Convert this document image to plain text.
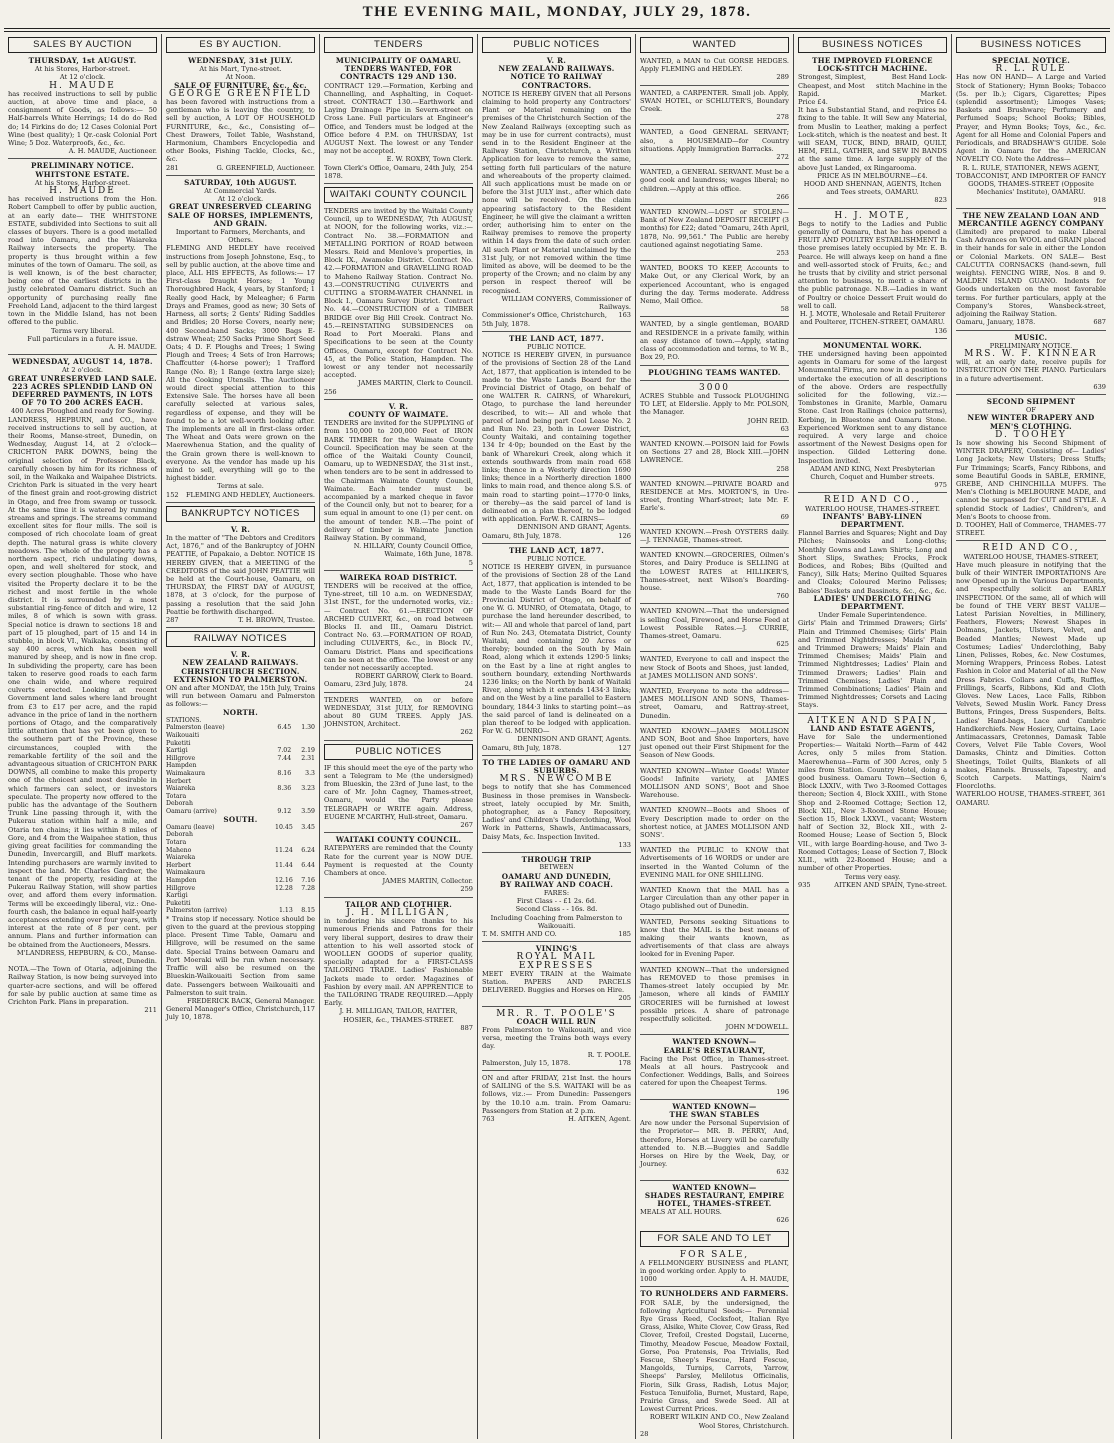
THE EVENING MAIL, MONDAY, JULY 29, 1878.
SALES BY AUCTION
THURSDAY, 1st AUGUST.

At his Stores, Harbor-street.

At 12 o'clock.

H. MAUDE

has received instructions to sell by public auction, at above time and place, a consignment of Goods, as follows:— 50 Half-barrels White Herrings; 14 do do Red do; 14 Firkins do do; 12 Cases Colonial Port Wine (best quality); 1 Qr.-cask Colonial Port Wine; 5 Doz. Waterproofs, &c., &c.

A. H. MAUDE, Auctioneer.

PRELIMINARY NOTICE.
WHITSTONE ESTATE.

At his Stores, Harbor-street.

H. MAUDE

has received instructions from the Hon. Robert Campbell to offer by public auction, at an early date— THE WHITSTONE ESTATE, subdivided into Sections to suit all classes of buyers. There is a good metalled road into Oamaru, and the Waiareka Railway intersects the property. The property is thus brought within a few minutes of the town of Oamaru. The soil, as is well known, is of the best character, being one of the earliest districts in the justly celebrated Oamaru district. Such an opportunity of purchasing really fine Freehold Land, adjacent to the third largest town in the Middle Island, has not been offered to the public.

Terms very liberal.

Full particulars in a future issue.

A. H. MAUDE.

WEDNESDAY, AUGUST 14, 1878.

At 2 o'clock.

GREAT UNRESERVED LAND SALE.
223 ACRES SPLENDID LAND ON DEFERRED PAYMENTS, IN LOTS OF 70 TO 200 ACRES EACH.

400 Acres Ploughed and ready for Sowing.

LANDRESS, HEPBURN, and CO., have received instructions to sell by auction, at their Rooms, Manse-street, Dunedin, on Wednesday, August 14, at 2 o'clock— CRICHTON PARK DOWNS, being the original selection of Professor Black, carefully chosen by him for its richness of soil, in the Waikaka and Waipahee Districts. Crichton Park is situated in the very heart of the finest grain and root-growing district in Otago, and free from swamp or tussock. At the same time it is watered by running streams and springs. The streams command excellent sites for flour mills. The soil is composed of rich chocolate loam of great depth. The natural grass is white clovery meadows. The whole of the property has a northern aspect, rich undulating downs, open, and well sheltered for stock, and every section ploughable. Those who have visited the Property declare it to be the richest and most fertile in the whole district. It is surrounded by a most substantial ring-fence of ditch and wire, 12 miles, 8 of which is sown with grass. Special notice is drawn to sections 18 and part of 15 ploughed, part of 15 and 14 in stubble, in block VI., Waikaka, consisting of say 400 acres, which has been well manured by sheep, and is now in fine crop. In subdividing the property, care has been taken to reserve good roads to each farm one chain wide, and where required culverts erected. Looking at recent Government land sales where land brought from £3 to £17 per acre, and the rapid advance in the price of land in the northern portions of Otago, and the comparatively little attention that has yet been given to the southern part of the Province, these circumstances, coupled with the remarkable fertility of the soil and the advantageous situation of CRICHTON PARK DOWNS, all combine to make this property one of the choicest and most desirable in which farmers can select, or investors speculate. The property now offered to the public has the advantage of the Southern Trunk Line passing through it, with the Pukerau station within half a mile, and Otaria ten chains; it lies within 8 miles of Gore, and 4 from the Waipahee station, thus giving great facilities for commanding the Dunedin, Invercargill, and Bluff markets. Intending purchasers are warmly invited to inspect the land. Mr. Charles Gardner, the tenant of the property, residing at the Pukerau Railway Station, will show parties over, and afford them every information. Terms will be exceedingly liberal, viz.: One-fourth cash, the balance in equal half-yearly acceptances extending over four years, with interest at the rate of 8 per cent. per annum. Plans and further information can be obtained from the Auctioneers, Messrs.

M'LANDRESS, HEPBURN, & CO., Manse-street, Dunedin.

NOTA.—The Town of Otaria, adjoining the Railway Station, is now being surveyed into quarter-acre sections, and will be offered for sale by public auction at same time as Crichton Park. Plans in preparation.

211

ES BY AUCTION.
WEDNESDAY, 31st JULY.

At his Mart, Tyne-street.

At Noon.

SALE OF FURNITURE, &c., &c.
GEORGE GREENFIELD

has been favored with instructions from a gentleman who is leaving the country, to sell by auction, A LOT OF HOUSEHOLD FURNITURE, &c., &c., Consisting of— Chest Drawers, Toilet Table, Washstand, Harmonium, Chambers Encyclopedia and other Books, Fishing Tackle, Clocks, &c., &c.

281	G. GREENFIELD, Auctioneer.
SATURDAY, 10th AUGUST.

At Commercial Yards.

At 12 o'clock.

GREAT UNRESERVED CLEARING SALE OF HORSES, IMPLEMENTS, AND GRAIN.

Important to Farmers, Merchants, and Others.

FLEMING AND HEDLEY have received instructions from Joseph Johnstone, Esq., to sell by public auction, at the above time and place, ALL HIS EFFECTS, As follows:— 17 First-class Draught Horses; 1 Young Thoroughbred Hack, 4 years, by Stanford; 1 Really good Hack, by Meleagher; 6 Farm Drays and Frames, good as new; 30 Sets of Harness, all sorts; 2 Gents' Riding Saddles and Bridles; 20 Horse Covers, nearly new; 400 Second-hand Sacks; 3000 Bags E-dstraw Wheat; 250 Sacks Prime Short Seed Oats; 4 D. F. Ploughs and Trees; 1 Swing Plough and Trees; 4 Sets of Iron Harrows; Chaffcutter (4-horse power); 1 Trafford Range (No. 8); 1 Range (extra large size); All the Cooking Utensils. The Auctioneer would direct special attention to this Extensive Sale. The horses have all been carefully selected at various sales, regardless of expense, and they will be found to be a lot well-worth looking after. The implements are all in first-class order. The Wheat and Oats were grown on the Maerewhenua Station, and the quality of the Grain grown there is well-known to everyone. As the vendor has made up his mind to sell, everything will go to the highest bidder.

Terms at sale.

152 FLEMING AND HEDLEY, Auctioneers.
BANKRUPTCY NOTICES
V. R.

In the matter of "The Debtors and Creditors Act, 1876," and of the Bankruptcy of JOHN PEATTIE, of Papakaio, a Debtor. NOTICE IS HEREBY GIVEN, that a MEETING of the CREDITORS of the said JOHN PEATTIE will be held at the Court-house, Oamaru, on THURSDAY, the FIRST DAY of AUGUST, 1878, at 3 o'clock, for the purpose of passing a resolution that the said John Peattie be forthwith discharged.

287	T. H. BROWN, Trustee.
RAILWAY NOTICES
V. R.
NEW ZEALAND RAILWAYS.
CHRISTCHURCH SECTION.
EXTENSION TO PALMERSTON.

ON and after MONDAY, the 15th July, Trains will run between Oamaru and Palmerston as follows:—

NORTH.
STATIONS.		
Palmerston (leave)	6.45	1.30
Waikouaiti		
Puketiti		
Kartigi	7.02	2.19
Hillgrove	7.44	2.31
Hampden		
Waimakaura	8.16	3.3
Herbert		
Waiareka	8.36	3.23
Totara		
Deborah		
Oamaru (arrive)	9.12	3.59
SOUTH.
Oamaru (leave)	10.45	3.45
Deborah		
Totara		
Maheno	11.24	6.24
Waiareka		
Herbert	11.44	6.44
Waimakaura		
Hampden	12.16	7.16
Hillgrove	12.28	7.28
Kartigi		
Puketiti		
Palmerston (arrive)	1.13	8.15

* Trains stop if necessary. Notice should be given to the guard at the previous stopping place. Present Time Table, Oamaru and Hillgrove, will be resumed on the same date. Special Trains between Oamaru and Port Moeraki will be run when necessary. Traffic will also be resumed on the Blueskin-Waikouaiti Section from same date. Passengers between Waikouaiti and Palmerston to suit train.

FREDERICK BACK, General Manager.

General Manager's Office, Christchurch, July 10, 1878.
117
TENDERS
MUNICIPALITY OF OAMARU.
TENDERS WANTED, FOR CONTRACTS 129 AND 130.

CONTRACT 129.—Formation, Kerbing and Channelling, and Asphalting, in Coquet-street. CONTRACT 130.—Earthwork and Laying Drainage Pipe in Severn-street on Cross Lane. Full particulars at Engineer's Office, and Tenders must be lodged at the Office before 4 P.M. on THURSDAY, 1st AUGUST Next. The lowest or any Tender may not be accepted.

E. W. ROXBY, Town Clerk.

Town Clerk's Office, Oamaru, 24th July, 1878.
254
WAITAKI COUNTY COUNCIL

TENDERS are invited by the Waitaki County Council, up to WEDNESDAY, 7th AUGUST, at NOON, for the following works, viz.:— Contract No. 38.—FORMATION and METALLING PORTION of ROAD between Messrs. Reid and Menlove's properties, in Block IX., Awamoko District. Contract No. 42.—FORMATION and GRAVELLING ROAD to Maheno Railway Station. Contract No. 43.—CONSTRUCTING CULVERTS and CUTTING a STORM-WATER CHANNEL in Block I., Oamaru Survey District. Contract No. 44.—CONSTRUCTION of a TIMBER BRIDGE over Big Hill Creek. Contract No. 45.—REINSTATING SUBSIDENCES on Road to Port Moeraki. Plans and Specifications to be seen at the County Offices, Oamaru, except for Contract No. 45, at the Police Station, Hampden. The lowest or any tender not necessarily accepted.

JAMES MARTIN, Clerk to Council.

256

V. R.
COUNTY OF WAIMATE.

TENDERS are invited for the SUPPLYING of from 150,000 to 200,000 Feet of IRON BARK TIMBER for the Waimate County Council. Specification may be seen at the office of the Waitaki County Council, Oamaru, up to WEDNESDAY, the 31st inst., when tenders are to be sent in addressed to the Chairman Waimate County Council, Waimate. Each tender must be accompanied by a marked cheque in favor of the Council only, but not to bearer, for a sum equal in amount to one (1) per cent. on the amount of tender. N.B.—The point of delivery of timber is Waimate Junction Railway Station. By command,

N. HILLARY, County Council Office, Waimate, 16th June, 1878.

5

WAIREKA ROAD DISTRICT.

TENDERS will be received at the office, Tyne-street, till 10 a.m. on WEDNESDAY, 31st INST., for the undernoted works, viz.:— Contract No. 61.—ERECTION OF ARCHED CULVERT, &c., on road between Blocks II. and III., Oamaru District. Contract No. 63.—FORMATION OF ROAD, including CULVERTS, &c., in Block IV., Oamaru District. Plans and specifications can be seen at the office. The lowest or any tender not necessarily accepted.

ROBERT GARROW, Clerk to Board.

Oamaru, 23rd July, 1878.	24

TENDERS WANTED, on or before WEDNESDAY, 31st JULY, for REMOVING about 80 GUM TREES. Apply JAS. JOHNSTON, Architect.

262

PUBLIC NOTICES

IF this should meet the eye of the party who sent a Telegram to Me (the undersigned) from Blueskin, the 23rd of June last, to the care of Mr. John Cagney, Thames-street, Oamaru, would the Party please TELEGRAPH or WRITE again. Address, EUGENE M'CARTHY, Hull-street, Oamaru.

267

WAITAKI COUNTY COUNCIL.

RATEPAYERS are reminded that the County Rate for the current year is NOW DUE. Payment is requested at the County Chambers at once.

JAMES MARTIN, Collector.

259

TAILOR AND CLOTHIER.
J. H. MILLIGAN,

in tendering his sincere thanks to his numerous Friends and Patrons for their very liberal support, desires to draw their attention to his well assorted stock of WOOLLEN GOODS of superior quality, specially adapted for a FIRST-CLASS TAILORING TRADE. Ladies' Fashionable Jackets made to order. Magazines of Fashion by every mail. AN APPRENTICE to the TAILORING TRADE REQUIRED.—Apply Early.

J. H. MILLIGAN, TAILOR, HATTER, HOSIER, &c., THAMES-STREET.

887

PUBLIC NOTICES
V. R.
NEW ZEALAND RAILWAYS.
NOTICE TO RAILWAY CONTRACTORS.

NOTICE IS HEREBY GIVEN that all Persons claiming to hold property any Contractors' Plant or Material remaining on the premises of the Christchurch Section of the New Zealand Railways (excepting such as may be in use for current contracts), must send in to the Resident Engineer at the Railway Station, Christchurch, a Written Application for leave to remove the same, setting forth full particulars of the nature and whereabouts of the property claimed. All such applications must be made on or before the 31st JULY inst., after which date none will be received. On the claim appearing satisfactory to the Resident Engineer, he will give the claimant a written order, authorising him to enter on the Railway premises to remove the property within 14 days from the date of such order. All such Plant or Material unclaimed by the 31st July, or not removed within the time limited as above, will be deemed to be the property of the Crown; and no claim by any person in respect thereof will be recognised.

WILLIAM CONYERS, Commissioner of Railways.

Commissioner's Office, Christchurch, 5th July, 1878.
163
THE LAND ACT, 1877.

PUBLIC NOTICE.

NOTICE IS HEREBY GIVEN, in pursuance of the provisions of Section 28 of the Land Act, 1877, that application is intended to be made to the Waste Lands Board for the Provincial District of Otago, on behalf of one WALTER R. CAIRNS, of Wharekuri, Otago, to purchase the land hereunder described, to wit:— All and whole that parcel of land being part Cool Lease No. 2 and Run No. 23, both in Lower District, County Waitaki, and containing together 134 Ir 4·0p; bounded on the East by the bank of Wharekuri Creek, along which it extends southwards from main road 658 links; thence in a Westerly direction 1690 links; thence in a Northerly direction 1800 links to main road, and thence along S.S. of main road to starting point—1770·0 links, or thereby—as the said parcel of land is delineated on a plan thereof, to be lodged with application. ForW. R. CAIRNS—

DENNISON AND GRANT, Agents.

Oamaru, 8th July, 1878.	126
THE LAND ACT, 1877.

PUBLIC NOTICE.

NOTICE IS HEREBY GIVEN, in pursuance of the provisions of Section 28 of the Land Act, 1877, that application is intended to be made to the Waste Lands Board for the Provincial District of Otago, on behalf of one W. G. MUNRO, of Otematata, Otago, to purchase the land hereunder described, to wit:— All and whole that parcel of land, part of Run No. 243, Otematata District, County Waitaki, and containing 20 Acres or thereby; bounded on the South by Main Road, along which it extends 1290·5 links; on the East by a line at right angles to southern boundary, extending Northwards 1236 links; on the North by bank of Waitaki River, along which it extends 1434·3 links; and on the West by a line parallel to Eastern boundary, 1844·3 links to starting point—as the said parcel of land is delineated on a plan thereof to be lodged with application. For W. G. MUNRO—

DENNISON AND GRANT, Agents.

Oamaru, 8th July, 1878.	127
TO THE LADIES OF OAMARU AND SUBURBS.
MRS. NEWCOMBE

begs to notify that she has Commenced Business in those premises in Wansbeck-street, lately occupied by Mr. Smith, photographer, as a Fancy Repository, Ladies' and Children's Underclothing, Wool Work in Patterns, Shawls, Antimacassars, Daisy Mats, &c. Inspection Invited.

133

THROUGH TRIP

BETWEEN

OAMARU AND DUNEDIN,
BY RAILWAY AND COACH.

FARES:

First Class - - £1 2s. 6d.

Second Class - - 16s. 8d.

Including Coaching from Palmerston to Waikouaiti.

T. M. SMITH AND CO.	185
VINING'S
ROYAL MAIL EXPRESSES

MEET EVERY TRAIN at the Waimate Station. PAPERS AND PARCELS DELIVERED. Buggies and Horses on Hire.

205

MR. R. T. POOLE'S
COACH WILL RUN

From Palmerston to Waikouaiti, and vice versa, meeting the Trains both ways every day.

R. T. POOLE.

Palmerston, July 15, 1878.	178

ON and after FRIDAY, 21st Inst. the hours of SAILING of the S.S. WAITAKI will be as follows, viz.:— From Dunedin: Passengers by the 10.10 a.m. train. From Oamaru: Passengers from Station at 2 p.m.

763	H. AITKEN, Agent.
WANTED

WANTED, a MAN to Cut GORSE HEDGES. Apply FLEMING and HEDLEY.

289

WANTED, a CARPENTER. Small job. Apply, SWAN HOTEL, or SCHLUTER'S, Boundary Creek.

278

WANTED, a Good GENERAL SERVANT; also, a HOUSEMAID—for Country situations. Apply Immigration Barracks.

272

WANTED, a GENERAL SERVANT. Must be a good cook and laundress; wages liberal; no children.—Apply at this office.

266

WANTED KNOWN.—LOST or STOLEN—Bank of New Zealand DEPOSIT RECEIPT (3 months) for £22; dated "Oamaru, 24th April, 1878, No. 99,561." The Public are hereby cautioned against negotiating Same.

253

WANTED, BOOKS TO KEEP, Accounts to Make Out, or any Clerical Work, by an experienced Accountant, who is engaged during the day. Terms moderate. Address Nemo, Mail Office.

58

WANTED, by a single gentleman, BOARD and RESIDENCE in a private family, within an easy distance of town.—Apply, stating class of accommodation and terms, to W. B., Box 29, P.O.

PLOUGHING TEAMS WANTED.
3000

ACRES Stubble and Tussock PLOUGHING TO LET, at Elderslie. Apply to Mr. POLSON, the Manager.

JOHN REID.

63

WANTED KNOWN.—POISON laid for Fowls on Sections 27 and 28, Block XIII.—JOHN LAWRENCE.

258

WANTED KNOWN.—PRIVATE BOARD and RESIDENCE at Mrs. MORTON'S, in Ure-street, fronting Wharf-street; late Mr. F. Earle's.

69

WANTED KNOWN.—Fresh OYSTERS daily.—J. TENNAGE, Thames-street.

WANTED KNOWN.—GROCERIES, Oilmen's Stores, and Dairy Produce is SELLING at the LOWEST RATES at HILLIKER'S, Thames-street, next Wilson's Boarding-house.

760

WANTED KNOWN.—That the undersigned is selling Coal, Firewood, and Horse Feed at Lowest Possible Rates.—J. CURRIE, Thames-street, Oamaru.

625

WANTED, Everyone to call and inspect the new Stock of Boots and Shoes, just landed, at JAMES MOLLISON AND SONS'.

WANTED, Everyone to note the address—JAMES MOLLISON AND SONS, Thames-street, Oamaru, and Rattray-street, Dunedin.

WANTED KNOWN—JAMES MOLLISON AND SON, Boot and Shoe Importers, have just opened out their First Shipment for the Season of New Goods.

WANTED KNOWN—Winter Goods! Winter Goods! Infinite variety, at JAMES MOLLISON AND SONS', Boot and Shoe Warehouse.

WANTED KNOWN—Boots and Shoes of Every Description made to order on the shortest notice, at JAMES MOLLISON AND SONS'.

WANTED the PUBLIC to KNOW that Advertisements of 16 WORDS or under are inserted in the Wanted Column of the EVENING MAIL for ONE SHILLING.

WANTED Known that the MAIL has a Larger Circulation than any other paper in Otago published out of Dunedin.

WANTED, Persons seeking Situations to know that the MAIL is the best means of making their wants known, as advertisements of that class are always looked for in Evening Paper.

WANTED KNOWN—That the undersigned has REMOVED to those premises in Thames-street lately occupied by Mr. Jameson, where all kinds of FAMILY GROCERIES will be furnished at lowest possible prices. A share of patronage respectfully solicited.

JOHN M'DOWELL.

WANTED KNOWN—
EARLE'S RESTAURANT,

Facing the Post Office, in Thames-street. Meals at all hours. Pastrycook and Confectioner. Weddings, Balls, and Soirees catered for upon the Cheapest Terms.

196

WANTED KNOWN—
THE SWAN STABLES

Are now under the Personal Supervision of the Proprietor— MR. B. PERRY, And, therefore, Horses at Livery will be carefully attended to. N.B.—Buggies and Saddle Horses on Hire by the Week, Day, or Journey.

632

WANTED KNOWN—
SHADES RESTAURANT, EMPIRE HOTEL, THAMES-STREET.

MEALS AT ALL HOURS.

626

FOR SALE AND TO LET
FOR SALE,

A FELLMONGERY BUSINESS and PLANT, in good working order. Apply to

1000	A. H. MAUDE,
TO RUNHOLDERS AND FARMERS.

FOR SALE, by the undersigned, the following Agricultural Seeds:— Perennial Rye Grass Reed, Cocksfoot, Italian Rye Grass, Alsike, White Clover, Cow Grass, Red Clover, Trefoil, Crested Dogstail, Lucerne, Timothy, Meadow Fescue, Meadow Foxtail, Gorse, Poa Pratensis, Poa Trivialis, Red Fescue, Sheep's Fescue, Hard Fescue, Mangolds, Turnips, Carrots, Yarrow, Sheeps' Parsley, Melilotus Officinalis, Fiorin, Silk Grass, Radish, Lotus Major, Festuca Tenuifolia, Burnet, Mustard, Rape, Prairie Grass, and Swede Seed. All at Lowest Current Prices.

ROBERT WILKIN AND CO., New Zealand Wool Stores, Christchurch.

28

BUSINESS NOTICES
THE IMPROVED FLORENCE LOCK-STITCH MACHINE.
Strongest, Simplest, Cheapest, and Most Rapid.
Best Hand Lock-stitch Machine in the Market.
Price £4.	Price £4.

It has a Substantial Stand, and requires no fixing to the table. It will Sew any Material, from Muslin to Leather, making a perfect Lock-stitch, which is the neatest and best. It will SEAM, TUCK, BIND, BRAID, QUILT, HEM, FELL, GATHER, and SEW IN BANDS at the same time. A large supply of the above Just Landed, ex Ringarooma.

PRICE AS IN MELBOURNE—£4.

HOOD AND SHENNAN, AGENTS, Itchen and Tees streets, OAMARU.

823

H. J. MOTE,

Begs to notify to the Ladies and Public generally of Oamaru, that he has opened a FRUIT AND POULTRY ESTABLISHMENT In those premises lately occupied by Mr. E. B. Pearce. He will always keep on hand a fine and well-assorted stock of Fruits, &c.; and he trusts that by civility and strict personal attention to business, to merit a share of the public patronage. N.B.—Ladies in want of Poultry or choice Dessert Fruit would do well to call.

H. J. MOTE, Wholesale and Retail Fruiterer and Poulterer, ITCHEN-STREET, OAMARU.

136

MONUMENTAL WORK.

THE undersigned having been appointed agents in Oamaru for some of the largest Monumental Firms, are now in a position to undertake the execution of all descriptions of the above. Orders are respectfully solicited for the following, viz.:— Tombstones in Granite, Marble, Oamaru Stone. Cast Iron Railings (choice patterns), Kerbing, in Bluestone and Oamaru Stone. Experienced Workmen sent to any distance required. A very large and choice assortment of the Newest Designs open for inspection. Gilded Lettering done. Inspection invited.

ADAM AND KING, Next Presbyterian Church, Coquet and Humber streets.

975

REID AND CO.,

WATERLOO HOUSE, THAMES-STREET.

INFANTS' BABY-LINEN DEPARTMENT.

Flannel Barries and Squares; Night and Day Pilches; Nainsooks and Long-cloths; Monthly Gowns and Lawn Shirts; Long and Short Slips, Swathes; Frocks, Frock Bodices, and Robes; Bibs (Quilted and Fancy), Silk Hats; Merino Quilted Squares and Cloaks; Coloured Merino Pelisses; Babies' Baskets and Bassinets, &c., &c., &c.

LADIES' UNDERCLOTHING DEPARTMENT.

Under Female Superintendence.

Girls' Plain and Trimmed Drawers; Girls' Plain and Trimmed Chemises; Girls' Plain and Trimmed Nightdresses; Maids' Plain and Trimmed Drawers; Maids' Plain and Trimmed Chemises; Maids' Plain and Trimmed Nightdresses; Ladies' Plain and Trimmed Drawers; Ladies' Plain and Trimmed Chemises; Ladies' Plain and Trimmed Combinations; Ladies' Plain and Trimmed Nightdresses; Corsets and Lacing Stays.

AITKEN AND SPAIN,
LAND AND ESTATE AGENTS,

Have for Sale the undermentioned Properties:— Waitaki North—Farm of 442 Acres, only 5 miles from Station. Maerewhenua—Farm of 300 Acres, only 5 miles from Station. Country Hotel, doing a good business. Oamaru Town—Section 6, Block LXXIV., with Two 3-Roomed Cottages thereon; Section 4, Block XXIII., with Stone Shop and 2-Roomed Cottage; Section 12, Block XII., New 3-Roomed Stone House; Section 15, Block LXXVI., vacant; Western half of Section 32, Block XII., with 2-Roomed House; Lease of Section 5, Block VII., with large Boarding-house, and Two 3-Roomed Cottages; Lease of Section 7, Block XLII., with 22-Roomed House; and a number of other Properties.

Terms very easy.

935	AITKEN AND SPAIN, Tyne-street.
BUSINESS NOTICES
SPECIAL NOTICE.
R. L. RULE

Has now ON HAND— A Large and Varied Stock of Stationery; Hymn Books; Tobacco (5s. per lb.); Cigars, Cigarettes; Pipes (splendid assortment); Limoges Vases; Baskets and Brushware; Perfumery and Perfumed Soaps; School Books; Bibles, Prayer, and Hymn Books; Toys, &c., &c. Agent for all Home and Colonial Papers and Periodicals, and BRADSHAW'S GUIDE. Sole Agent in Oamaru for the AMERICAN NOVELTY CO. Note the Address—

R. L. RULE, STATIONER, NEWS AGENT, TOBACCONIST, AND IMPORTER OF FANCY GOODS, THAMES-STREET (Opposite Mechanics' Institute), OAMARU.

918

THE NEW ZEALAND LOAN AND MERCANTILE AGENCY COMPANY

(Limited) are prepared to make Liberal Cash Advances on WOOL and GRAIN placed in their hands for sale in either the London or Colonial Markets. ON SALE— Best CALCUTTA CORNSACKS (hand-sewn, full weights). FENCING WIRE, Nos. 8 and 9. MALDEN ISLAND GUANO. Indents for Goods undertaken on the most favorable terms. For further particulars, apply at the Company's Stores, Wansbeck-street, adjoining the Railway Station.

Oamaru, January, 1878.	687
MUSIC.

PRELIMINARY NOTICE.

MRS. W. F. KINNEAR

will, at an early date, receive pupils for INSTRUCTION ON THE PIANO. Particulars in a future advertisement.

639

SECOND SHIPMENT

OF

NEW WINTER DRAPERY AND MEN'S CLOTHING.
D. TOOHEY

Is now showing his Second Shipment of WINTER DRAPERY, Consisting of— Ladies' Long Jackets; New Ulsters; Dress Stuffs; Fur Trimmings; Scarfs, Fancy Ribbons, and some Beautiful Goods in SABLE, ERMINE, GREBE, AND CHINCHILLA MUFFS. The Men's Clothing is MELBOURNE MADE, and cannot be surpassed for CUT and STYLE. A splendid Stock of Ladies', Children's, and Men's Boots to choose from.

D. TOOHEY, Hall of Commerce, THAMES-STREET.
77
REID AND CO.,

WATERLOO HOUSE, THAMES-STREET,

Have much pleasure in notifying that the bulk of their WINTER IMPORTATIONS Are now Opened up in the Various Departments, and respectfully solicit an EARLY INSPECTION. Of the same, all of which will be found of THE VERY BEST VALUE— Latest Parisian Novelties, in Millinery, Feathers, Flowers; Newest Shapes in Dolmans, Jackets, Ulsters, Velvet, and Beaded Mantles; Newest Made up Costumes; Ladies' Underclothing, Baby Linen, Pelisses, Robes, &c. New Costumes, Morning Wrappers, Princess Robes. Latest Fashion in Color and Material of all the New Dress Fabrics. Collars and Cuffs, Ruffles, Frillings, Scarfs, Ribbons, Kid and Cloth Gloves. New Laces, Lace Falls, Ribbon Velvets, Sewed Muslin Work. Fancy Dress Buttons, Fringes, Dress Suspenders, Belts. Ladies' Hand-bags, Lace and Cambric Handkerchiefs. New Hosiery, Curtains, Lace Antimacassars, Cretonnes, Damask Table Covers, Velvet File Table Covers, Wool Damasks, Chintz and Dimities. Cotton Sheetings, Toilet Quilts, Blankets of all makes, Flannels. Brussels, Tapestry, and Scotch Carpets. Mattings, Nairn's Floorcloths.

WATERLOO HOUSE, THAMES-STREET, OAMARU.
361
